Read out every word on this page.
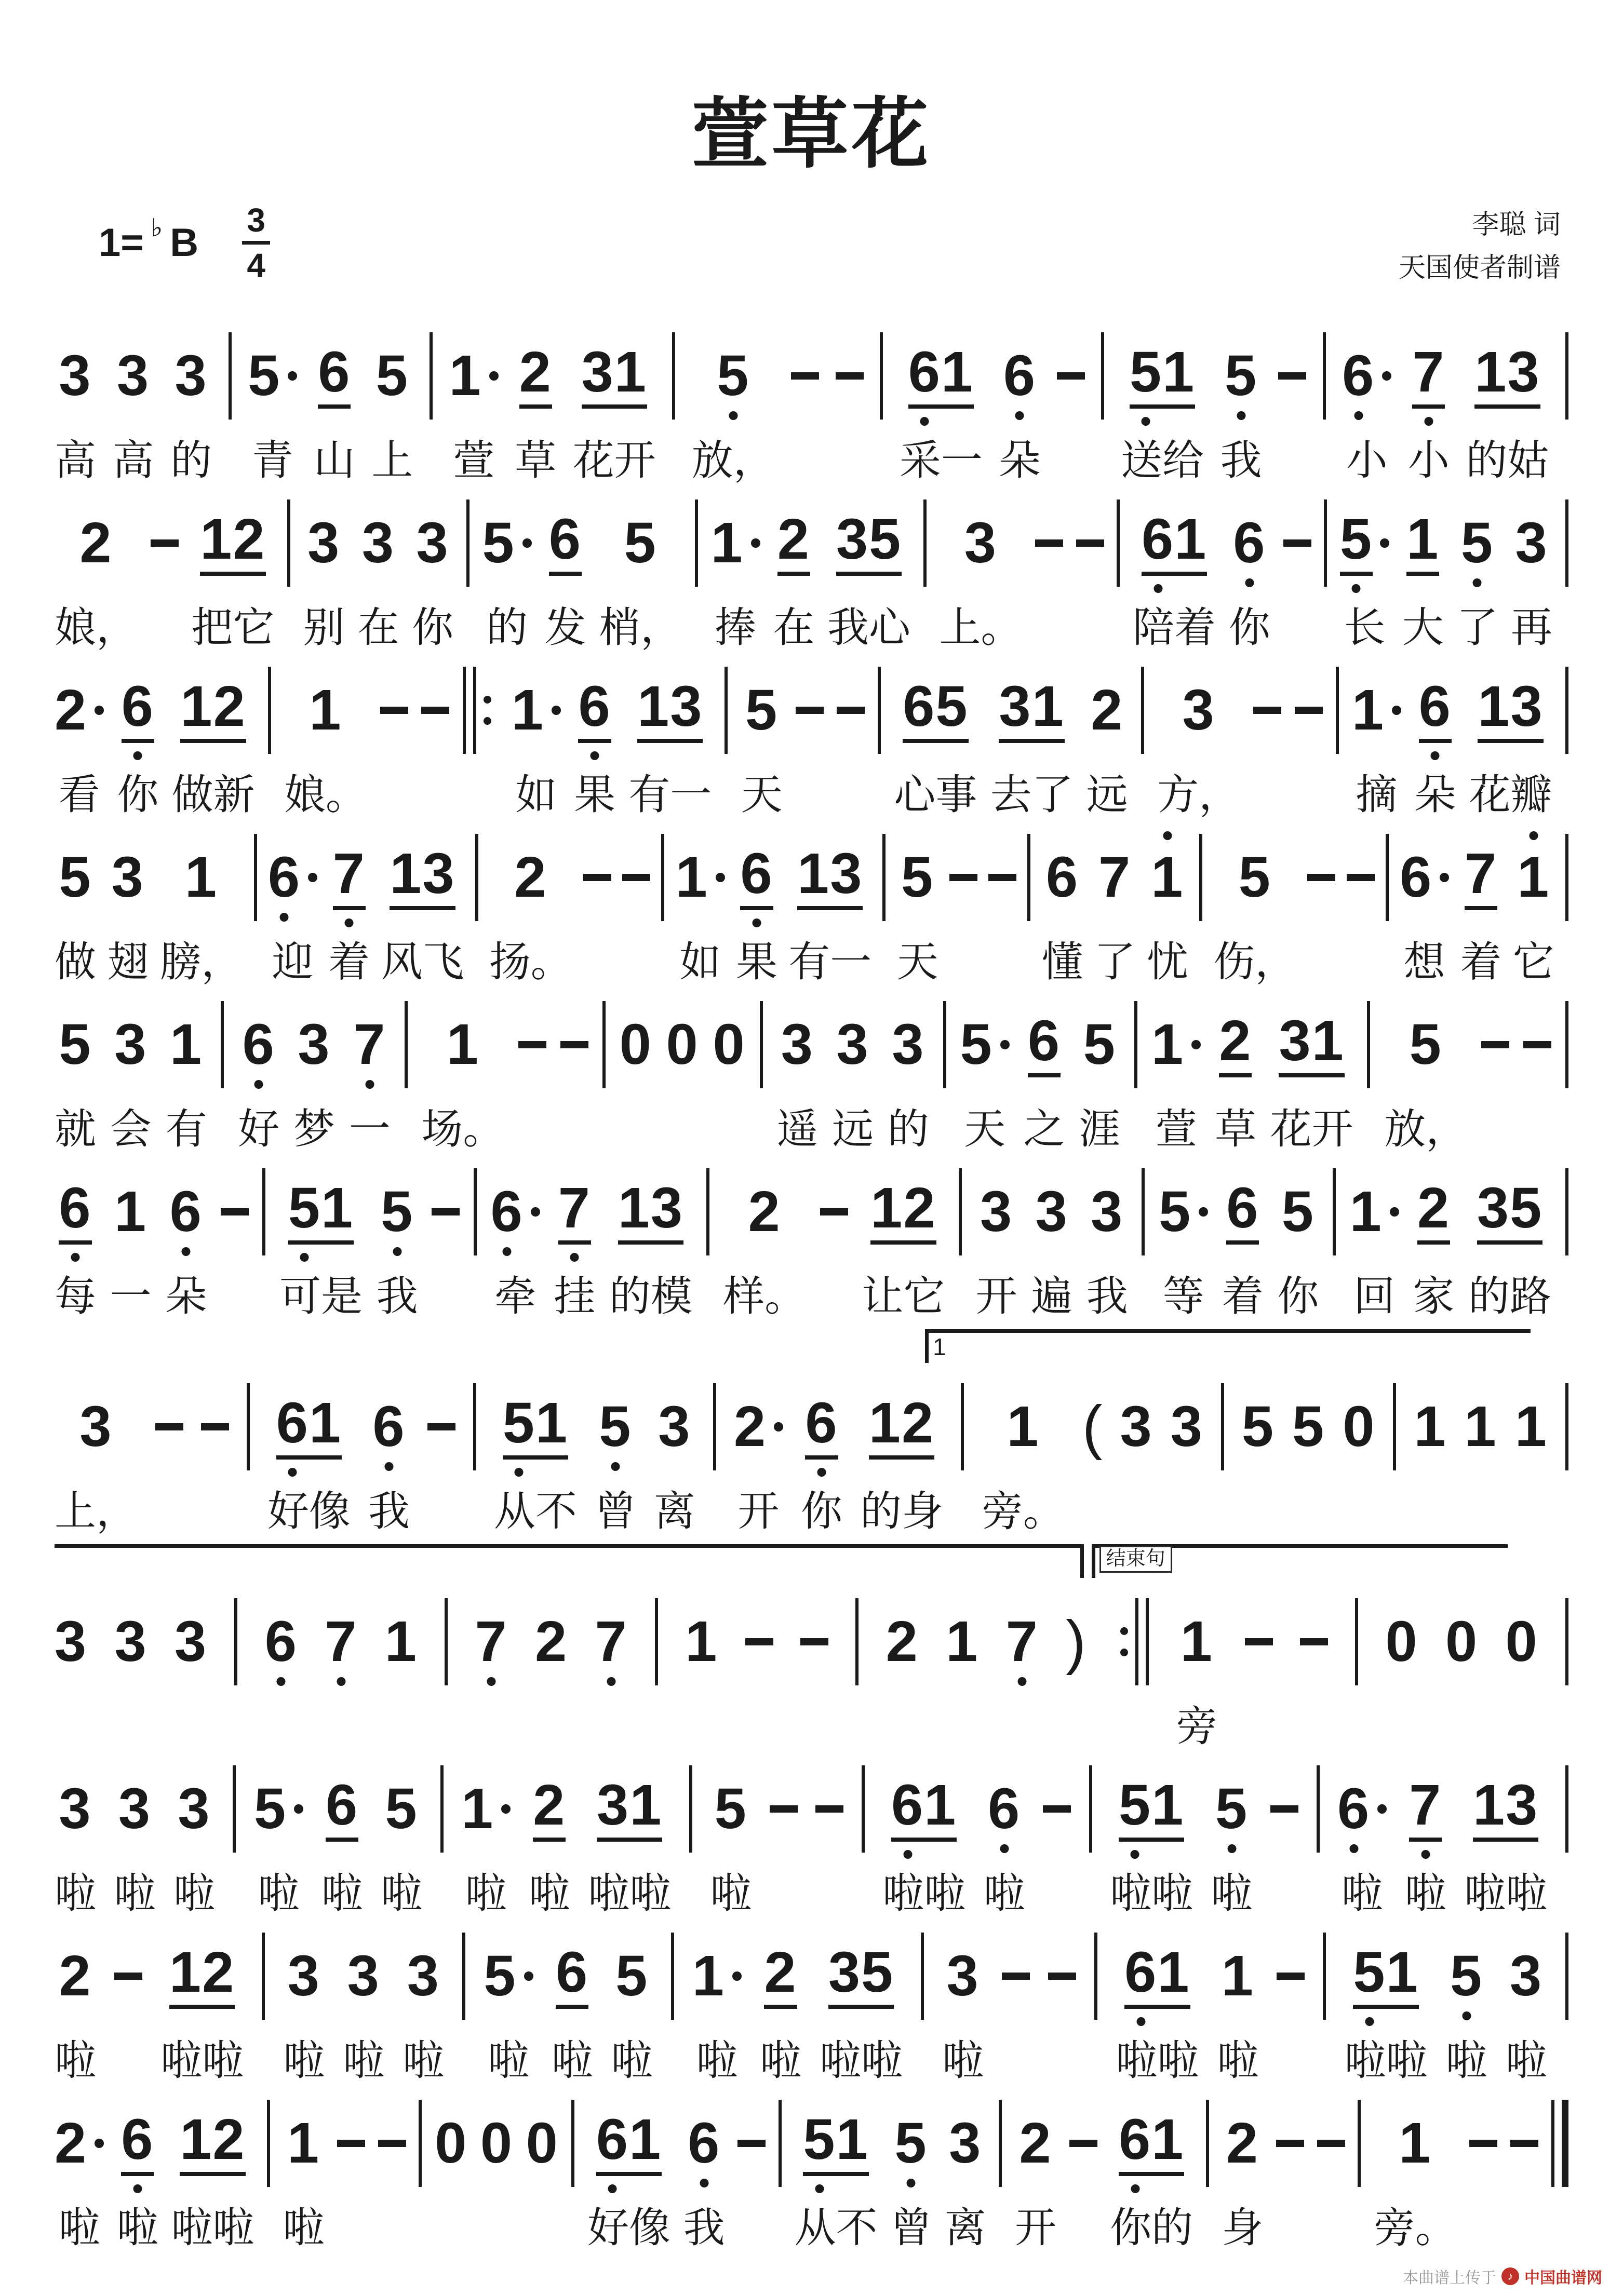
萱草花
1= ♭ B
3
4
李聪 词
天国使者制谱
3
高
3
高
3
的
5
青
6
山
5
上
1
萱
2
草
31
花开
5
放，
6
1
采一
6
朵
5
1
送给
5
我
6
小
7
小
13
的姑
2
娘，
12
把它
3
别
3
在
3
你
5
的
6
发
5
梢，
1
捧
2
在
35
我心
3
上。
6
1
陪着
6
你
5
长
1
大
5
了
3
再
2
看
6
你
12
做新
1
娘。
1
如
6
果
13
有一
5
天
65
心事
31
去了
2
远
3
方，
1
摘
6
朵
13
花瓣
5
做
3
翅
1
膀，
6
迎
7
着
13
风飞
2
扬。
1
如
6
果
13
有一
5
天
6
懂
7
了
1
忧
5
伤，
6
想
7
着
1
它
5
就
3
会
1
有
6
好
3
梦
7
一
1
场。
0 0 0 3
遥
3
远
3
的
5
天
6
之
5
涯
1
萱
2
草
31
花开
5
放，
6
每
1
一
6
朵
5
1
可是
5
我
6
牵
7
挂
13
的模
2
样。
12
让它
3
开
3
遍
3
我
5
等
6
着
5
你
1
回
2
家
35
的路
1
3
上，
6
1
好像
6
我
5
1
从不
5
曾
3
离
2
开
6
你
12
的身
1
旁。
( 3 3 5 5 0 1 1 1
结束句
3 3 3 6 7 1 7 2 7 1	2 1 7 ) 1
旁
0 0 0
3
啦
3
啦
3
啦
5
啦
6
啦
5
啦
1
啦
2
啦
31
啦啦
5
啦
6
1
啦啦
6
啦
5
1
啦啦
5
啦
6
啦
7
啦
13
啦啦
2
啦
12
啦啦
3
啦
3
啦
3
啦
5
啦
6
啦
5
啦
1
啦
2
啦
35
啦啦
3
啦
6
1
啦啦
1
啦
5
1
啦啦
5
啦
3
啦
2
啦
6
啦
12
啦啦
1
啦
0 0 0 6
1
好像
6
我
5
1
从不
5
曾
3
离
2
开
6
1
你的
2
身
1
旁。
本曲谱上传于 ♪ 中国曲谱网
